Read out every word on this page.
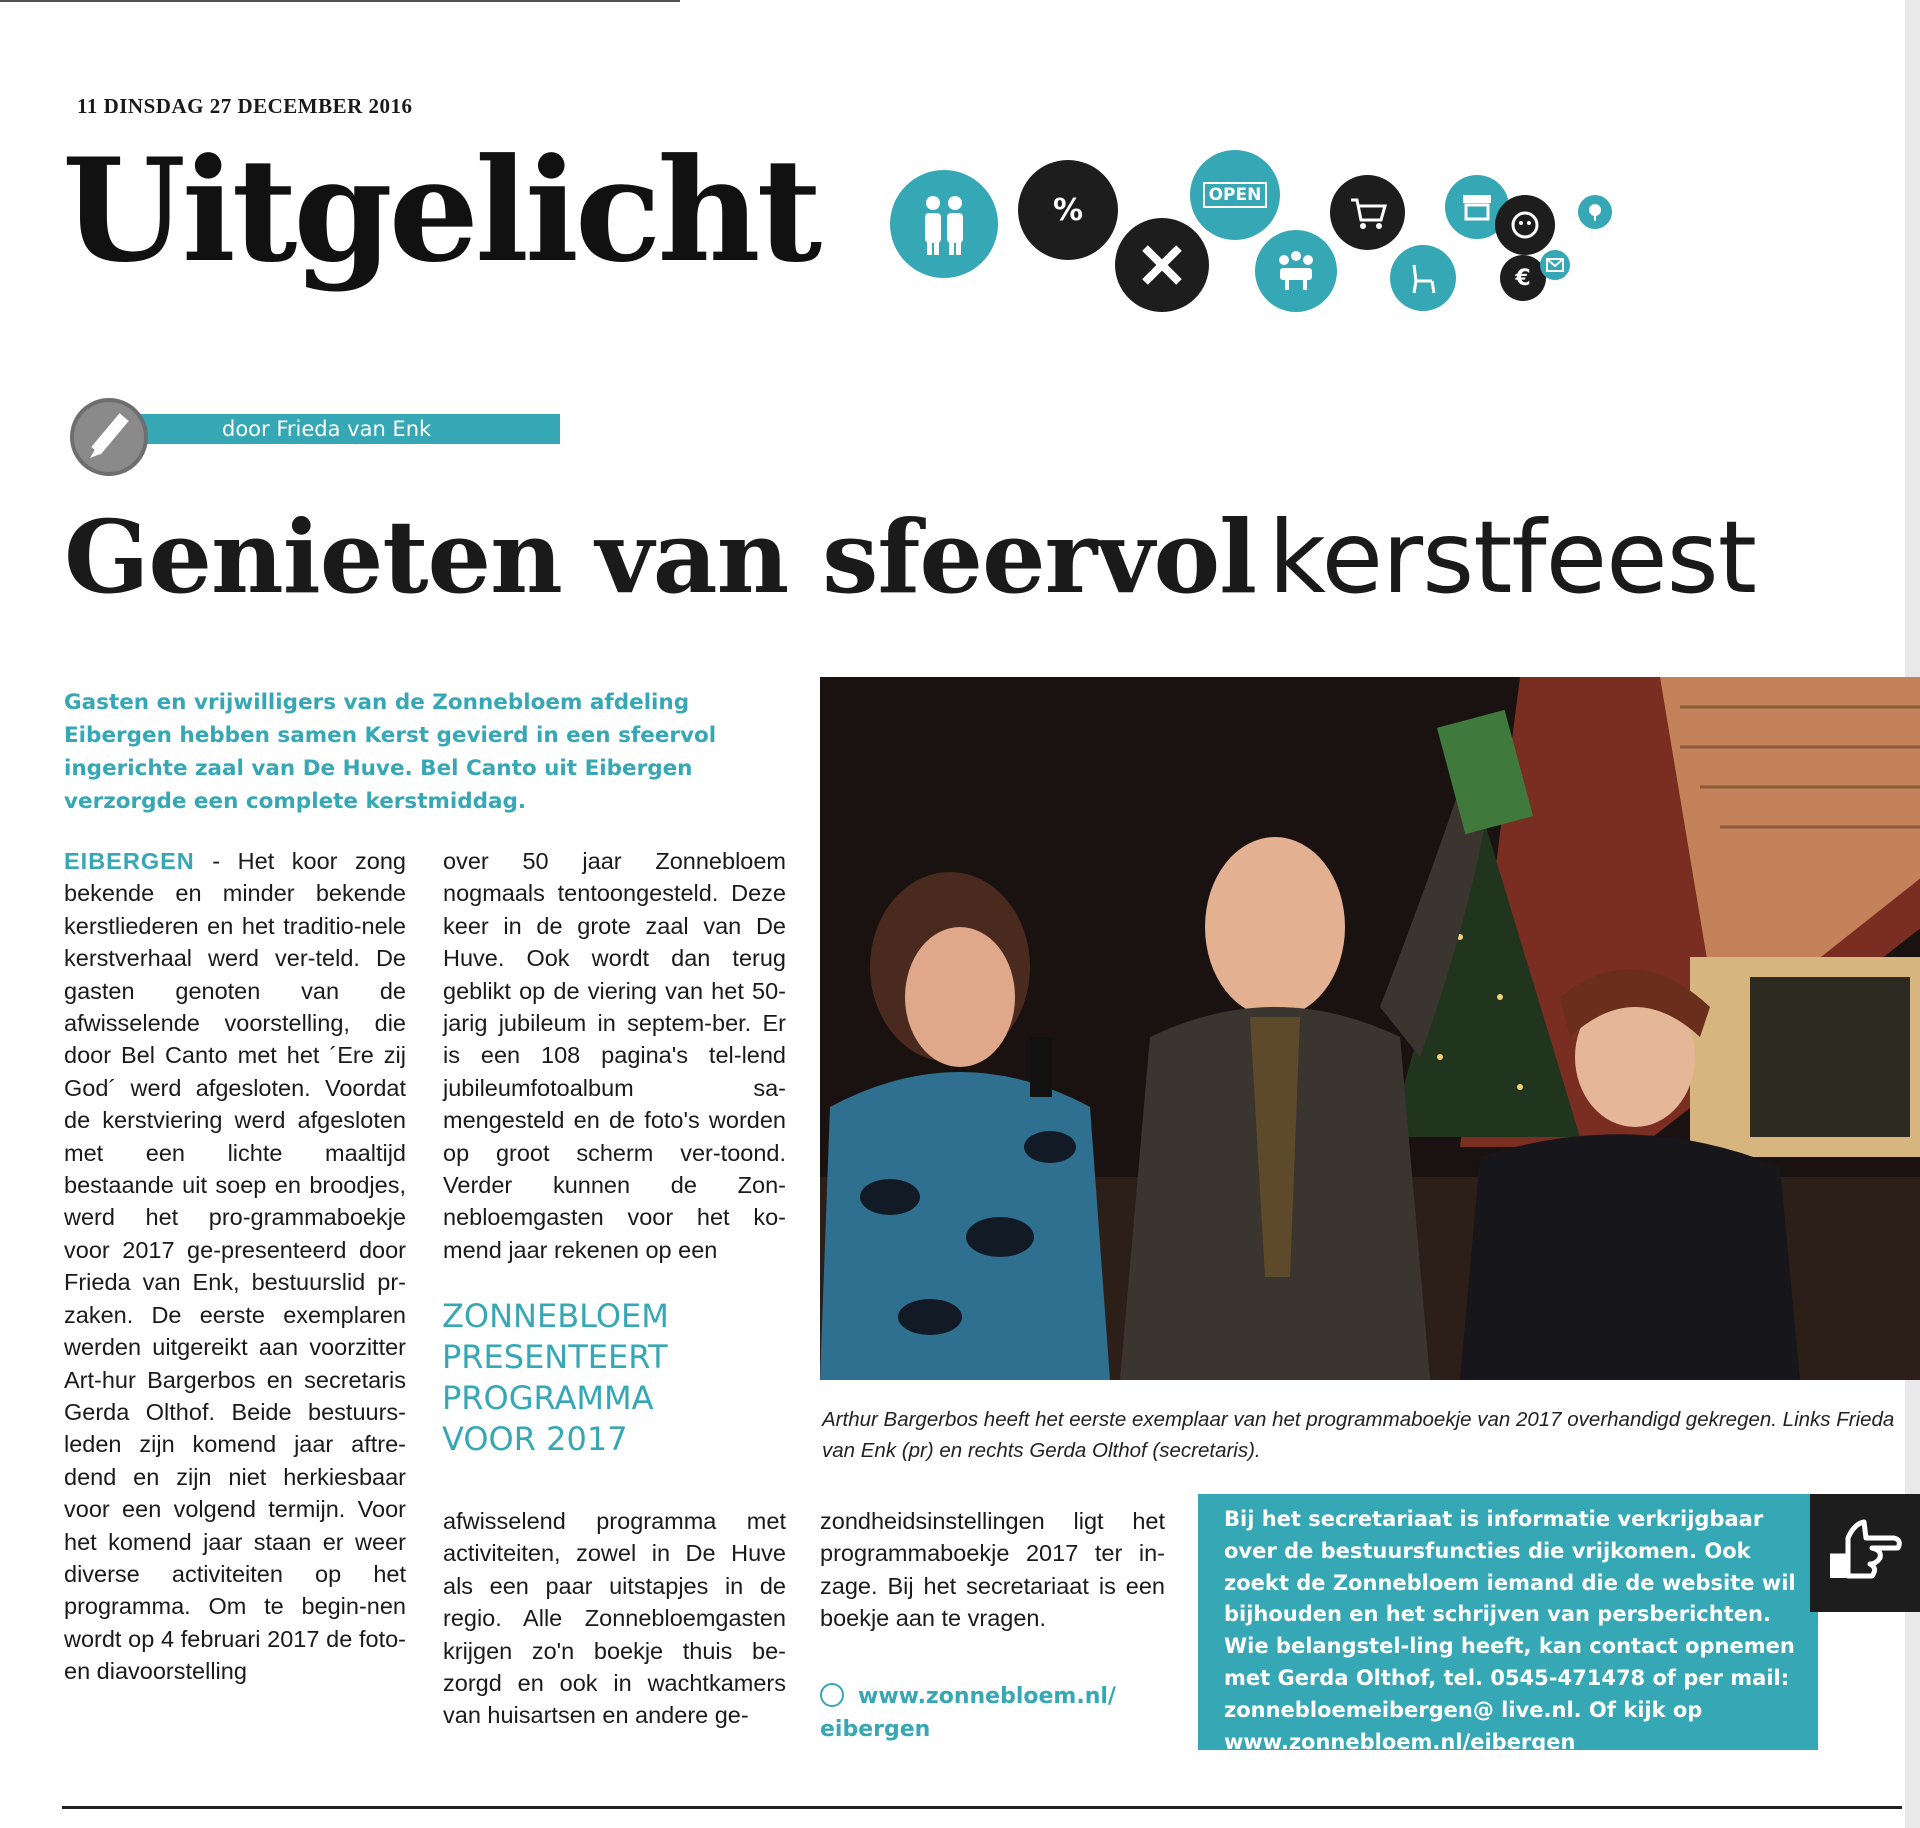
11 DINSDAG 27 DECEMBER 2016
Uitgelicht	%	OPEN
€
door Frieda van Enk
Genieten van sfeervol kerstfeest
Gasten en vrijwilligers van de Zonnebloem afdeling Eibergen hebben samen Kerst gevierd in een sfeervol ingerichte zaal van De Huve. Bel Canto uit Eibergen verzorgde een complete kerstmiddag.
EIBERGEN - Het koor zong bekende en minder bekende kerstliederen en het traditio-nele kerstverhaal werd ver-teld. De gasten genoten van de afwisselende voorstelling, die door Bel Canto met het ´Ere zij God´ werd afgesloten. Voordat de kerstviering werd afgesloten met een lichte maaltijd bestaande uit soep en broodjes, werd het pro-grammaboekje voor 2017 ge-presenteerd door Frieda van Enk, bestuurslid pr-zaken. De eerste exemplaren werden uitgereikt aan voorzitter Art-hur Bargerbos en secretaris Gerda Olthof. Beide bestuurs-leden zijn komend jaar aftre-dend en zijn niet herkiesbaar voor een volgend termijn. Voor het komend jaar staan er weer diverse activiteiten op het programma. Om te begin-nen wordt op 4 februari 2017 de foto- en diavoorstelling
over 50 jaar Zonnebloem nogmaals tentoongesteld. Deze keer in de grote zaal van De Huve. Ook wordt dan terug geblikt op de viering van het 50-jarig jubileum in septem-ber. Er is een 108 pagina's tel-lend jubileumfotoalbum sa-mengesteld en de foto's worden op groot scherm ver-toond. Verder kunnen de Zon-nebloemgasten voor het ko-mend jaar rekenen op een
ZONNEBLOEM PRESENTEERT PROGRAMMA VOOR 2017
afwisselend programma met activiteiten, zowel in De Huve als een paar uitstapjes in de regio. Alle Zonnebloemgasten krijgen zo'n boekje thuis be-zorgd en ook in wachtkamers van huisartsen en andere ge-
zondheidsinstellingen ligt het programmaboekje 2017 ter in-zage. Bij het secretariaat is een boekje aan te vragen.
www.zonnebloem.nl/ eibergen
Arthur Bargerbos heeft het eerste exemplaar van het programmaboekje van 2017 overhandigd gekregen. Links Frieda van Enk (pr) en rechts Gerda Olthof (secretaris).
Bij het secretariaat is informatie verkrijgbaar over de bestuursfuncties die vrijkomen. Ook zoekt de Zonnebloem iemand die de website wil bijhouden en het schrijven van persberichten. Wie belangstel-ling heeft, kan contact opnemen met Gerda Olthof, tel. 0545-471478 of per mail: zonnebloemeibergen@ live.nl. Of kijk op www.zonnebloem.nl/eibergen
